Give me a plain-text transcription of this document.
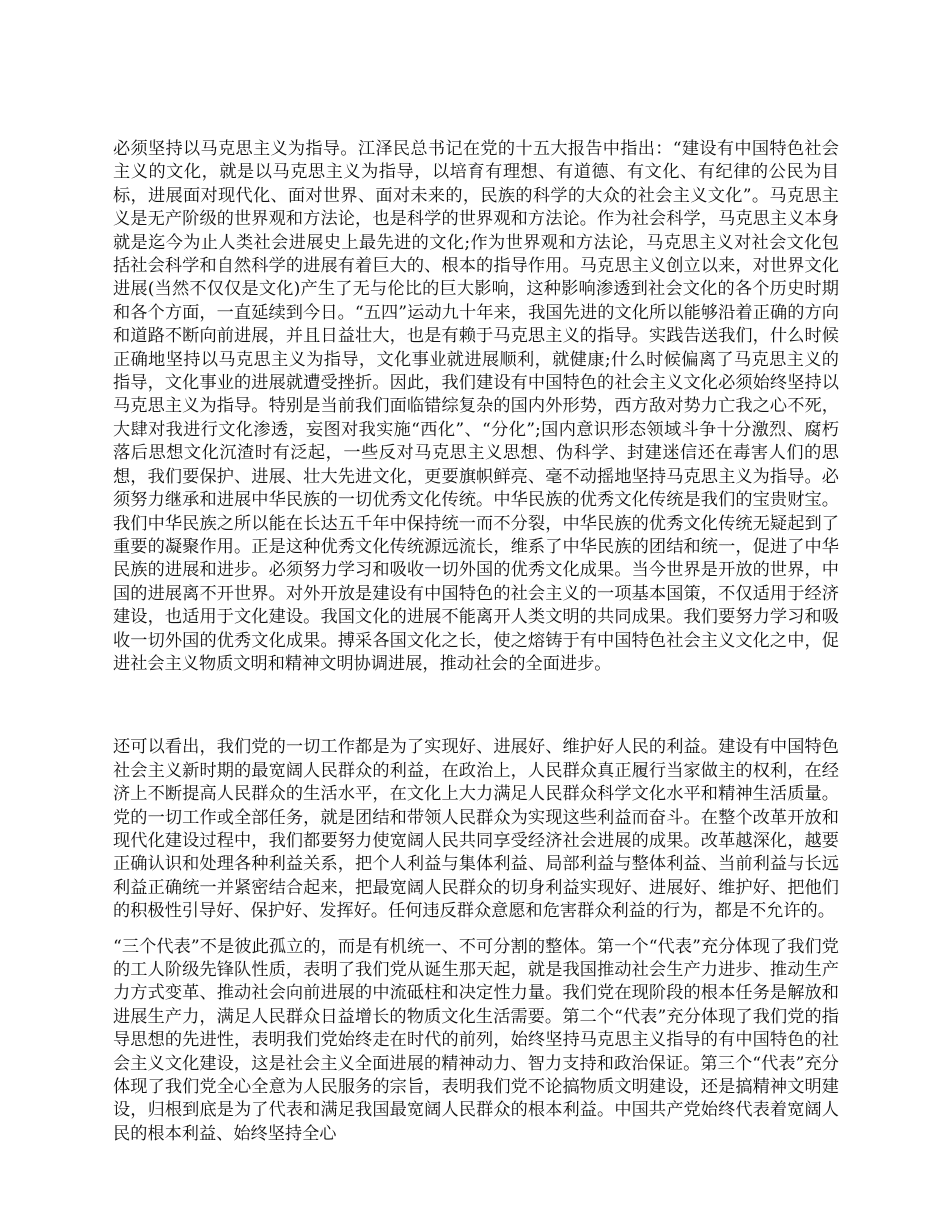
必须坚持以马克思主义为指导。江泽民总书记在党的十五大报告中指出：“建设有中国特色社会主义的文化，就是以马克思主义为指导，以培育有理想、有道德、有文化、有纪律的公民为目标，进展面对现代化、面对世界、面对未来的，民族的科学的大众的社会主义文化”。马克思主义是无产阶级的世界观和方法论，也是科学的世界观和方法论。作为社会科学，马克思主义本身就是迄今为止人类社会进展史上最先进的文化;作为世界观和方法论，马克思主义对社会文化包括社会科学和自然科学的进展有着巨大的、根本的指导作用。马克思主义创立以来，对世界文化进展(当然不仅仅是文化)产生了无与伦比的巨大影响，这种影响渗透到社会文化的各个历史时期和各个方面，一直延续到今日。“五四”运动九十年来，我国先进的文化所以能够沿着正确的方向和道路不断向前进展，并且日益壮大，也是有赖于马克思主义的指导。实践告送我们，什么时候正确地坚持以马克思主义为指导，文化事业就进展顺利，就健康;什么时候偏离了马克思主义的指导，文化事业的进展就遭受挫折。因此，我们建设有中国特色的社会主义文化必须始终坚持以马克思主义为指导。特别是当前我们面临错综复杂的国内外形势，西方敌对势力亡我之心不死，大肆对我进行文化渗透，妄图对我实施“西化”、“分化”;国内意识形态领域斗争十分激烈、腐朽落后思想文化沉渣时有泛起，一些反对马克思主义思想、伪科学、封建迷信还在毒害人们的思想，我们要保护、进展、壮大先进文化，更要旗帜鲜亮、毫不动摇地坚持马克思主义为指导。必须努力继承和进展中华民族的一切优秀文化传统。中华民族的优秀文化传统是我们的宝贵财宝。我们中华民族之所以能在长达五千年中保持统一而不分裂，中华民族的优秀文化传统无疑起到了重要的凝聚作用。正是这种优秀文化传统源远流长，维系了中华民族的团结和统一，促进了中华民族的进展和进步。必须努力学习和吸收一切外国的优秀文化成果。当今世界是开放的世界，中国的进展离不开世界。对外开放是建设有中国特色的社会主义的一项基本国策，不仅适用于经济建设，也适用于文化建设。我国文化的进展不能离开人类文明的共同成果。我们要努力学习和吸收一切外国的优秀文化成果。搏采各国文化之长，使之熔铸于有中国特色社会主义文化之中，促进社会主义物质文明和精神文明协调进展，推动社会的全面进步。

还可以看出，我们党的一切工作都是为了实现好、进展好、维护好人民的利益。建设有中国特色社会主义新时期的最宽阔人民群众的利益，在政治上，人民群众真正履行当家做主的权利，在经济上不断提高人民群众的生活水平，在文化上大力满足人民群众科学文化水平和精神生活质量。党的一切工作或全部任务，就是团结和带领人民群众为实现这些利益而奋斗。在整个改革开放和现代化建设过程中，我们都要努力使宽阔人民共同享受经济社会进展的成果。改革越深化，越要正确认识和处理各种利益关系，把个人利益与集体利益、局部利益与整体利益、当前利益与长远利益正确统一并紧密结合起来，把最宽阔人民群众的切身利益实现好、进展好、维护好、把他们的积极性引导好、保护好、发挥好。任何违反群众意愿和危害群众利益的行为，都是不允许的。

“三个代表”不是彼此孤立的，而是有机统一、不可分割的整体。第一个“代表”充分体现了我们党的工人阶级先锋队性质，表明了我们党从诞生那天起，就是我国推动社会生产力进步、推动生产力方式变革、推动社会向前进展的中流砥柱和决定性力量。我们党在现阶段的根本任务是解放和进展生产力，满足人民群众日益增长的物质文化生活需要。第二个“代表”充分体现了我们党的指导思想的先进性，表明我们党始终走在时代的前列，始终坚持马克思主义指导的有中国特色的社会主义文化建设，这是社会主义全面进展的精神动力、智力支持和政治保证。第三个“代表”充分体现了我们党全心全意为人民服务的宗旨，表明我们党不论搞物质文明建设，还是搞精神文明建设，归根到底是为了代表和满足我国最宽阔人民群众的根本利益。中国共产党始终代表着宽阔人民的根本利益、始终坚持全心
